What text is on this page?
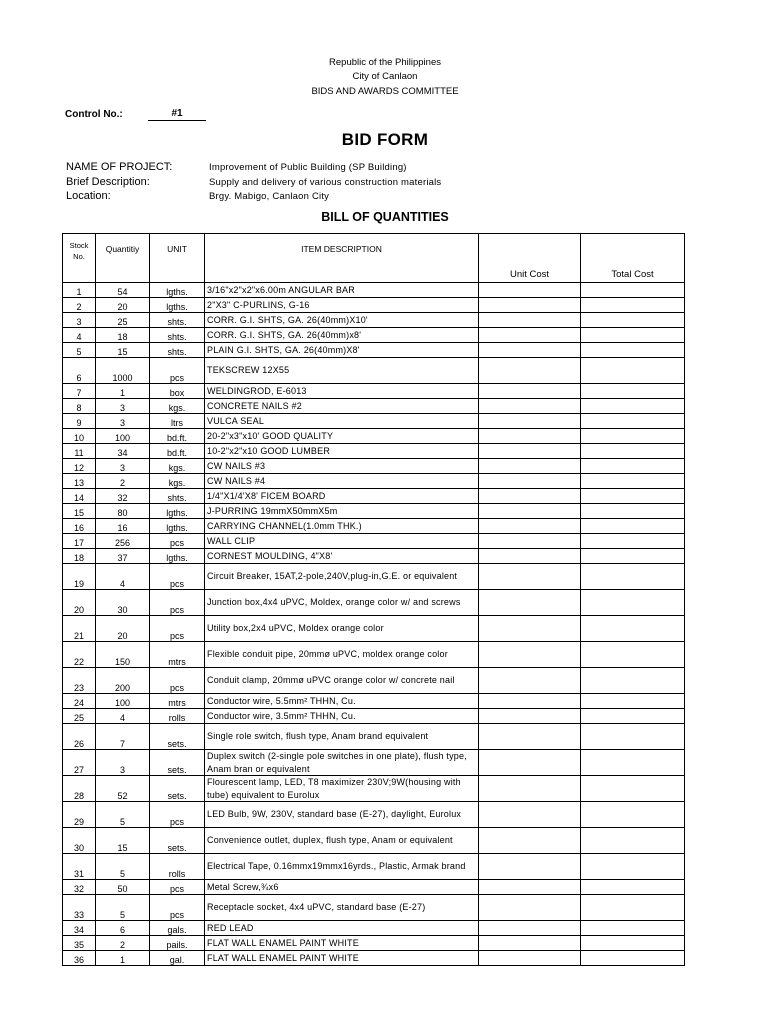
Republic of the Philippines
City of Canlaon
BIDS AND AWARDS COMMITTEE
Control No.:	#1
BID FORM
NAME OF PROJECT:	Improvement of Public Building (SP Building)
Brief Description:	Supply and delivery of various construction materials
Location:	Brgy. Mabigo, Canlaon City
BILL OF QUANTITIES
Stock
No.	Quantitiy	UNIT	ITEM DESCRIPTION	Unit Cost	Total Cost
1	54	lgths.	3/16"x2"x2"x6.00m ANGULAR BAR		
2	20	lgths.	2"X3" C-PURLINS, G-16		
3	25	shts.	CORR. G.I. SHTS, GA. 26(40mm)X10'		
4	18	shts.	CORR. G.I. SHTS, GA. 26(40mm)x8'		
5	15	shts.	PLAIN G.I. SHTS, GA. 26(40mm)X8'		
6	1000	pcs	TEKSCREW 12X55		
7	1	box	WELDINGROD, E-6013		
8	3	kgs.	CONCRETE NAILS #2		
9	3	ltrs	VULCA SEAL		
10	100	bd.ft.	20-2"x3"x10' GOOD QUALITY		
11	34	bd.ft.	10-2"x2"x10 GOOD LUMBER		
12	3	kgs.	CW NAILS #3		
13	2	kgs.	CW NAILS #4		
14	32	shts.	1/4"X1/4'X8' FICEM BOARD		
15	80	lgths.	J-PURRING 19mmX50mmX5m		
16	16	lgths.	CARRYING CHANNEL(1.0mm THK.)		
17	256	pcs	WALL CLIP		
18	37	lgths.	CORNEST MOULDING, 4"X8'		
19	4	pcs	Circuit Breaker, 15AT,2-pole,240V,plug-in,G.E. or equivalent		
20	30	pcs	Junction box,4x4 uPVC, Moldex, orange color w/ and screws		
21	20	pcs	Utility box,2x4 uPVC, Moldex orange color		
22	150	mtrs	Flexible conduit pipe, 20mmø uPVC, moldex orange color		
23	200	pcs	Conduit clamp, 20mmø uPVC orange color w/ concrete nail		
24	100	mtrs	Conductor wire, 5.5mm² THHN, Cu.		
25	4	rolls	Conductor wire, 3.5mm² THHN, Cu.		
26	7	sets.	Single role switch, flush type, Anam brand equivalent		
27	3	sets.	Duplex switch (2-single pole switches in one plate), flush type, Anam bran or equivalent		
28	52	sets.	Flourescent lamp, LED, T8 maximizer 230V;9W(housing with tube) equivalent to Eurolux		
29	5	pcs	LED Bulb, 9W, 230V, standard base (E-27), daylight, Eurolux		
30	15	sets.	Convenience outlet, duplex, flush type, Anam or equivalent		
31	5	rolls	Electrical Tape, 0.16mmx19mmx16yrds., Plastic, Armak brand		
32	50	pcs	Metal Screw,¾x6		
33	5	pcs	Receptacle socket, 4x4 uPVC, standard base (E-27)		
34	6	gals.	RED LEAD		
35	2	pails.	FLAT WALL ENAMEL PAINT WHITE		
36	1	gal.	FLAT WALL ENAMEL PAINT WHITE		
